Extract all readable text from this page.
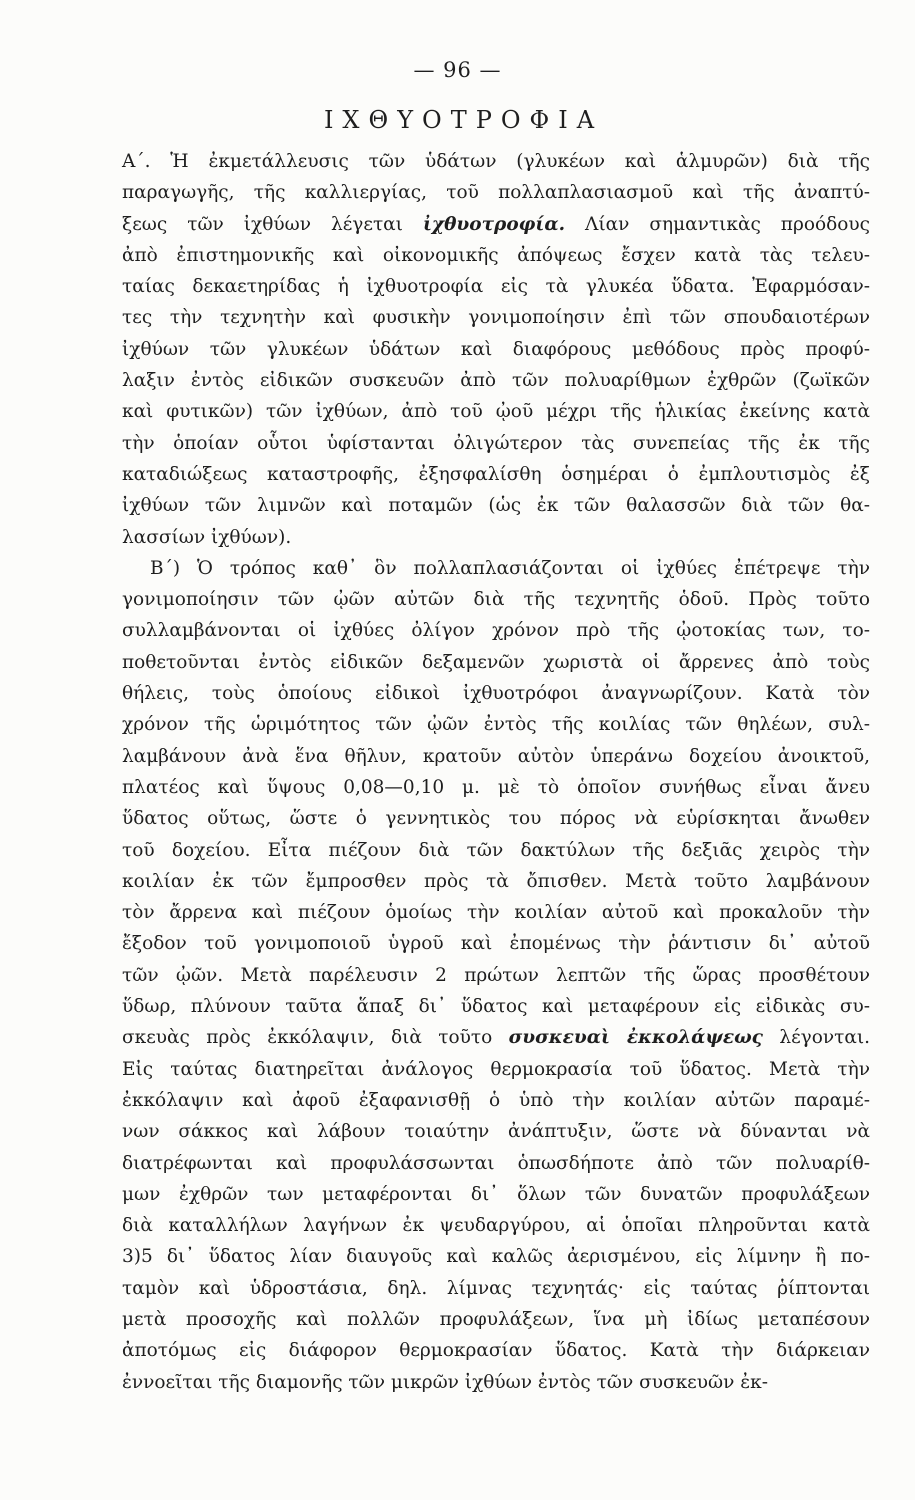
— 96 —
ΙΧΘΥΟΤΡΟΦΙΑ
Α΄. Ἡ ἐκμετάλλευσις τῶν ὑδάτων (γλυκέων καὶ ἁλμυρῶν) διὰ τῆς
παραγωγῆς, τῆς καλλιεργίας, τοῦ πολλαπλασιασμοῦ καὶ τῆς ἀναπτύ-
ξεως τῶν ἰχθύων λέγεται ἰχθυοτροφία. Λίαν σημαντικὰς προόδους
ἀπὸ ἐπιστημονικῆς καὶ οἰκονομικῆς ἀπόψεως ἔσχεν κατὰ τὰς τελευ-
ταίας δεκαετηρίδας ἡ ἰχθυοτροφία εἰς τὰ γλυκέα ὕδατα. Ἐφαρμόσαν-
τες τὴν τεχνητὴν καὶ φυσικὴν γονιμοποίησιν ἐπὶ τῶν σπουδαιοτέρων
ἰχθύων τῶν γλυκέων ὑδάτων καὶ διαφόρους μεθόδους πρὸς προφύ-
λαξιν ἐντὸς εἰδικῶν συσκευῶν ἀπὸ τῶν πολυαρίθμων ἐχθρῶν (ζωϊκῶν
καὶ φυτικῶν) τῶν ἰχθύων, ἀπὸ τοῦ ᾠοῦ μέχρι τῆς ἡλικίας ἐκείνης κατὰ
τὴν ὁποίαν οὗτοι ὑφίστανται ὀλιγώτερον τὰς συνεπείας τῆς ἐκ τῆς
καταδιώξεως καταστροφῆς, ἐξησφαλίσθη ὁσημέραι ὁ ἐμπλουτισμὸς ἐξ
ἰχθύων τῶν λιμνῶν καὶ ποταμῶν (ὡς ἐκ τῶν θαλασσῶν διὰ τῶν θα-
λασσίων ἰχθύων).
Β΄) Ὁ τρόπος καθ᾽ ὃν πολλαπλασιάζονται οἱ ἰχθύες ἐπέτρεψε τὴν
γονιμοποίησιν τῶν ᾠῶν αὐτῶν διὰ τῆς τεχνητῆς ὁδοῦ. Πρὸς τοῦτο
συλλαμβάνονται οἱ ἰχθύες ὀλίγον χρόνον πρὸ τῆς ᾠοτοκίας των, το-
ποθετοῦνται ἐντὸς εἰδικῶν δεξαμενῶν χωριστὰ οἱ ἄρρενες ἀπὸ τοὺς
θήλεις, τοὺς ὁποίους εἰδικοὶ ἰχθυοτρόφοι ἀναγνωρίζουν. Κατὰ τὸν
χρόνον τῆς ὡριμότητος τῶν ᾠῶν ἐντὸς τῆς κοιλίας τῶν θηλέων, συλ-
λαμβάνουν ἀνὰ ἕνα θῆλυν, κρατοῦν αὐτὸν ὑπεράνω δοχείου ἀνοικτοῦ,
πλατέος καὶ ὕψους 0,08—0,10 μ. μὲ τὸ ὁποῖον συνήθως εἶναι ἄνευ
ὕδατος οὕτως, ὥστε ὁ γεννητικὸς του πόρος νὰ εὑρίσκηται ἄνωθεν
τοῦ δοχείου. Εἶτα πιέζουν διὰ τῶν δακτύλων τῆς δεξιᾶς χειρὸς τὴν
κοιλίαν ἐκ τῶν ἔμπροσθεν πρὸς τὰ ὄπισθεν. Μετὰ τοῦτο λαμβάνουν
τὸν ἄρρενα καὶ πιέζουν ὁμοίως τὴν κοιλίαν αὐτοῦ καὶ προκαλοῦν τὴν
ἔξοδον τοῦ γονιμοποιοῦ ὑγροῦ καὶ ἐπομένως τὴν ῥάντισιν δι᾽ αὐτοῦ
τῶν ᾠῶν. Μετὰ παρέλευσιν 2 πρώτων λεπτῶν τῆς ὥρας προσθέτουν
ὕδωρ, πλύνουν ταῦτα ἅπαξ δι᾽ ὕδατος καὶ μεταφέρουν εἰς εἰδικὰς συ-
σκευὰς πρὸς ἐκκόλαψιν, διὰ τοῦτο συσκευαὶ ἐκκολάψεως λέγονται.
Εἰς ταύτας διατηρεῖται ἀνάλογος θερμοκρασία τοῦ ὕδατος. Μετὰ τὴν
ἐκκόλαψιν καὶ ἀφοῦ ἐξαφανισθῇ ὁ ὑπὸ τὴν κοιλίαν αὐτῶν παραμέ-
νων σάκκος καὶ λάβουν τοιαύτην ἀνάπτυξιν, ὥστε νὰ δύνανται νὰ
διατρέφωνται καὶ προφυλάσσωνται ὁπωσδήποτε ἀπὸ τῶν πολυαρίθ-
μων ἐχθρῶν των μεταφέρονται δι᾽ ὅλων τῶν δυνατῶν προφυλάξεων
διὰ καταλλήλων λαγήνων ἐκ ψευδαργύρου, αἱ ὁποῖαι πληροῦνται κατὰ
3)5 δι᾽ ὕδατος λίαν διαυγοῦς καὶ καλῶς ἀερισμένου, εἰς λίμνην ἢ πο-
ταμὸν καὶ ὑδροστάσια, δηλ. λίμνας τεχνητάς· εἰς ταύτας ῥίπτονται
μετὰ προσοχῆς καὶ πολλῶν προφυλάξεων, ἵνα μὴ ἰδίως μεταπέσουν
ἀποτόμως εἰς διάφορον θερμοκρασίαν ὕδατος. Κατὰ τὴν διάρκειαν
ἐννοεῖται τῆς διαμονῆς τῶν μικρῶν ἰχθύων ἐντὸς τῶν συσκευῶν ἐκ-
